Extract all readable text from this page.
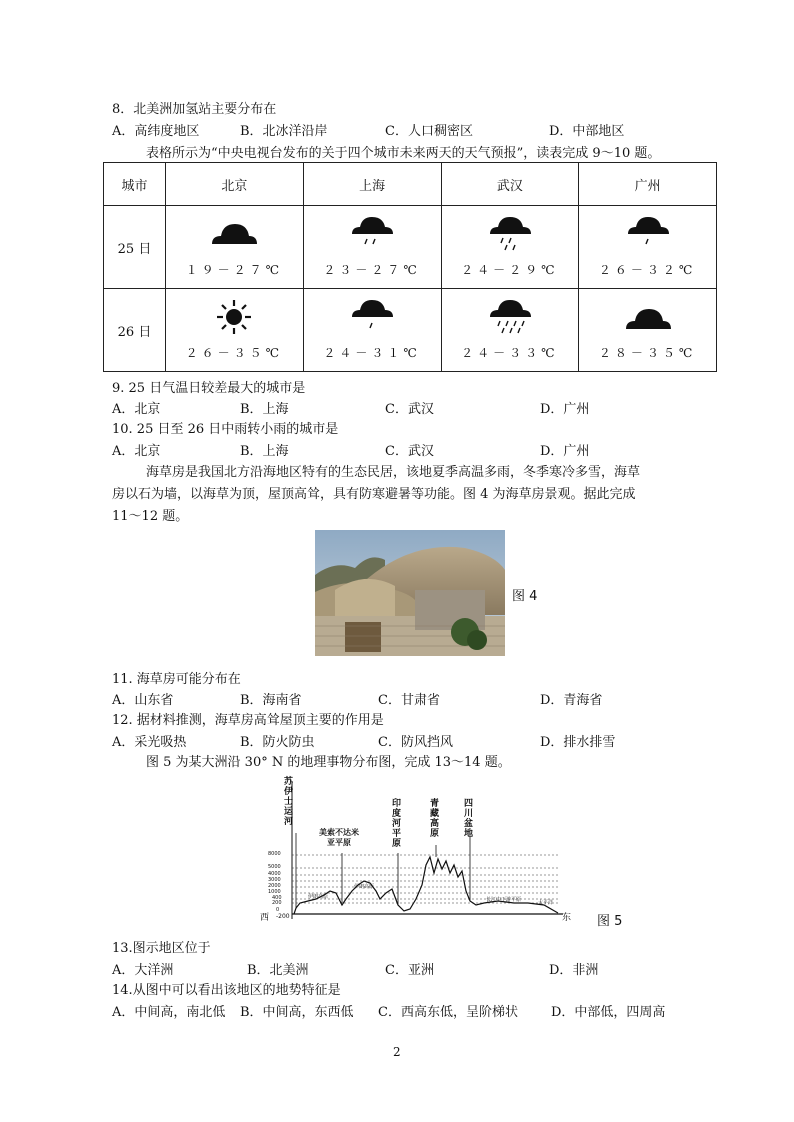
8．北美洲加氢站主要分布在
A．高纬度地区	B．北冰洋沿岸	C．人口稠密区	D．中部地区
表格所示为“中央电视台发布的关于四个城市未来两天的天气预报”，读表完成 9～10 题。
城市	北京	上海	武汉	广州
25 日	１９－２７℃	２３－２７℃	２４－２９℃	２６－３２℃

26 日	２６－３５℃	２４－３１℃	２４－３３℃	２８－３５℃
9. 25 日气温日较差最大的城市是
A．北京	B．上海	C．武汉	D．广州
10. 25 日至 26 日中雨转小雨的城市是
A．北京	B．上海	C．武汉	D．广州
海草房是我国北方沿海地区特有的生态民居，该地夏季高温多雨，冬季寒冷多雪，海草
房以石为墙，以海草为顶，屋顶高耸，具有防寒避暑等功能。图 4 为海草房景观。据此完成
11～12 题。
图 4
11. 海草房可能分布在
A．山东省	B．海南省	C．甘肃省	D．青海省
12. 据材料推测，海草房高耸屋顶主要的作用是
A．采光吸热	B．防火防虫	C．防风挡风	D．排水排雪
图 5 为某大洲沿 30° N 的地理事物分布图，完成 13～14 题。
8000
5000
4000
3000
2000
1000
400
200
0
-200
西	东
苏伊士运河
美索不达米亚平原
印度河平原
青藏高原
四川盆地
伊朗高原
伊朗高原
长江中下游平原	太平洋
图 5
13.图示地区位于
A．大洋洲	B．北美洲	C．亚洲	D．非洲
14.从图中可以看出该地区的地势特征是
A．中间高，南北低 B．中间高，东西低 C．西高东低，呈阶梯状	D．中部低，四周高
2
